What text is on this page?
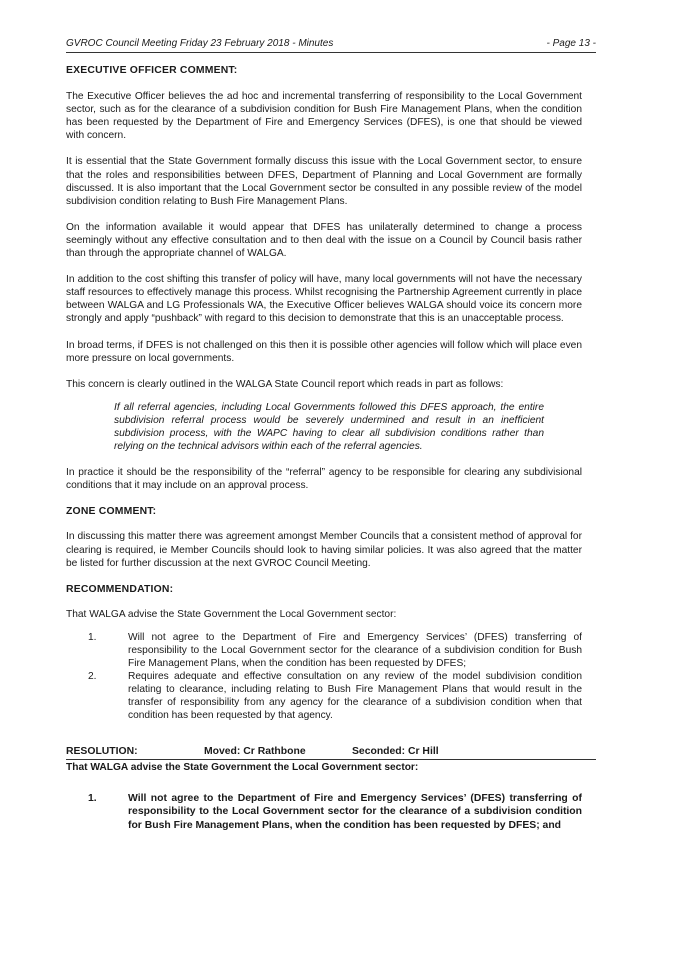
GVROC Council Meeting Friday 23 February 2018 - Minutes	- Page 13 -
EXECUTIVE OFFICER COMMENT:

The Executive Officer believes the ad hoc and incremental transferring of responsibility to the Local Government sector, such as for the clearance of a subdivision condition for Bush Fire Management Plans, when the condition has been requested by the Department of Fire and Emergency Services (DFES), is one that should be viewed with concern.

It is essential that the State Government formally discuss this issue with the Local Government sector, to ensure that the roles and responsibilities between DFES, Department of Planning and Local Government are formally discussed. It is also important that the Local Government sector be consulted in any possible review of the model subdivision condition relating to Bush Fire Management Plans.

On the information available it would appear that DFES has unilaterally determined to change a process seemingly without any effective consultation and to then deal with the issue on a Council by Council basis rather than through the appropriate channel of WALGA.

In addition to the cost shifting this transfer of policy will have, many local governments will not have the necessary staff resources to effectively manage this process. Whilst recognising the Partnership Agreement currently in place between WALGA and LG Professionals WA, the Executive Officer believes WALGA should voice its concern more strongly and apply “pushback” with regard to this decision to demonstrate that this is an unacceptable process.

In broad terms, if DFES is not challenged on this then it is possible other agencies will follow which will place even more pressure on local governments.

This concern is clearly outlined in the WALGA State Council report which reads in part as follows:

If all referral agencies, including Local Governments followed this DFES approach, the entire subdivision referral process would be severely undermined and result in an inefficient subdivision process, with the WAPC having to clear all subdivision conditions rather than relying on the technical advisors within each of the referral agencies.

In practice it should be the responsibility of the “referral” agency to be responsible for clearing any subdivisional conditions that it may include on an approval process.

ZONE COMMENT:

In discussing this matter there was agreement amongst Member Councils that a consistent method of approval for clearing is required, ie Member Councils should look to having similar policies. It was also agreed that the matter be listed for further discussion at the next GVROC Council Meeting.

RECOMMENDATION:

That WALGA advise the State Government the Local Government sector:

1.	Will not agree to the Department of Fire and Emergency Services’ (DFES) transferring of responsibility to the Local Government sector for the clearance of a subdivision condition for Bush Fire Management Plans, when the condition has been requested by DFES;
2.	Requires adequate and effective consultation on any review of the model subdivision condition relating to clearance, including relating to Bush Fire Management Plans that would result in the transfer of responsibility from any agency for the clearance of a subdivision condition when that condition has been requested by that agency.
RESOLUTION:	Moved: Cr Rathbone	Seconded: Cr Hill

That WALGA advise the State Government the Local Government sector:

1.	Will not agree to the Department of Fire and Emergency Services’ (DFES) transferring of responsibility to the Local Government sector for the clearance of a subdivision condition for Bush Fire Management Plans, when the condition has been requested by DFES; and
